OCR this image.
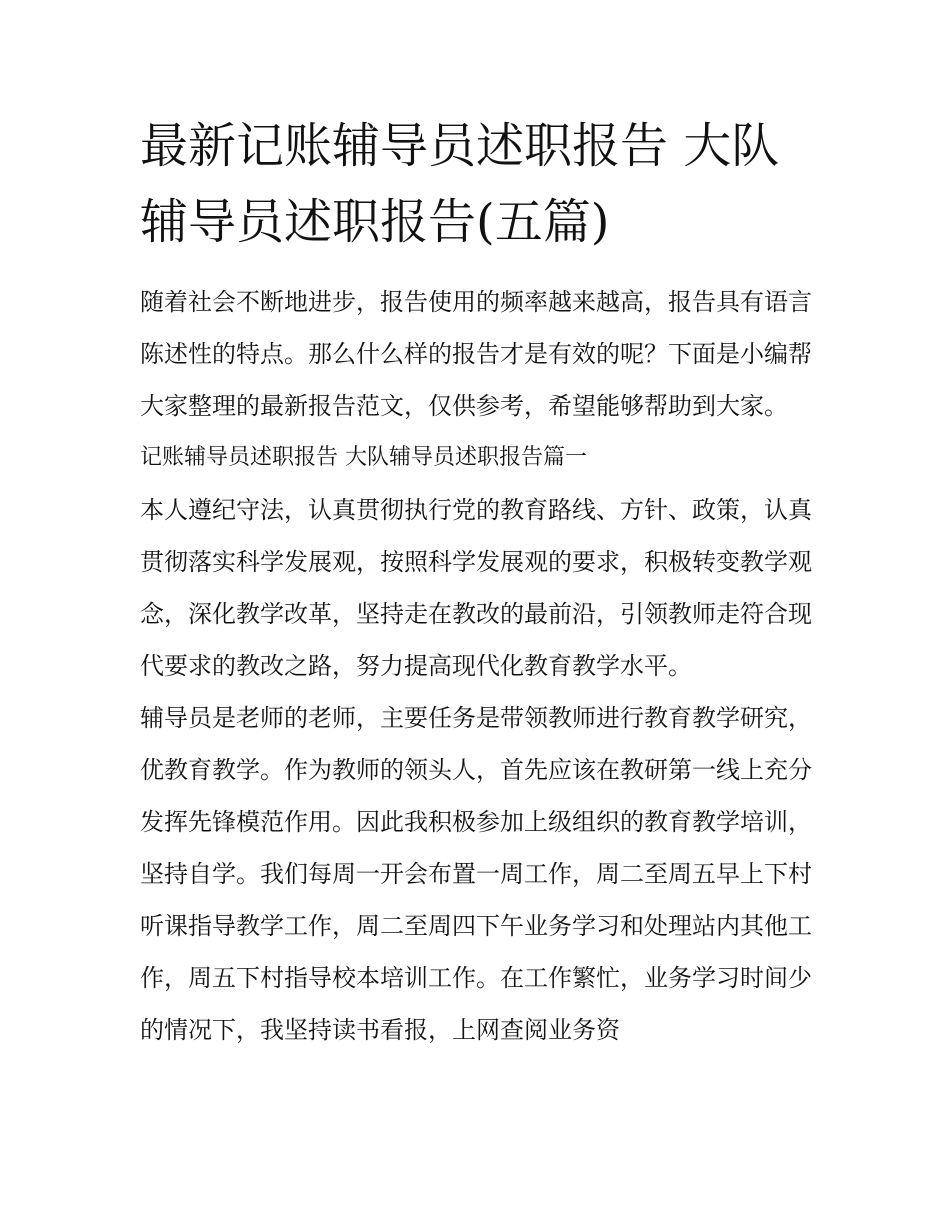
最新记账辅导员述职报告 大队辅导员述职报告(五篇)

随着社会不断地进步，报告使用的频率越来越高，报告具有语言陈述性的特点。那么什么样的报告才是有效的呢？下面是小编帮大家整理的最新报告范文，仅供参考，希望能够帮助到大家。

记账辅导员述职报告 大队辅导员述职报告篇一

本人遵纪守法，认真贯彻执行党的教育路线、方针、政策，认真贯彻落实科学发展观，按照科学发展观的要求，积极转变教学观念，深化教学改革，坚持走在教改的最前沿，引领教师走符合现代要求的教改之路，努力提高现代化教育教学水平。

辅导员是老师的老师，主要任务是带领教师进行教育教学研究，优教育教学。作为教师的领头人，首先应该在教研第一线上充分发挥先锋模范作用。因此我积极参加上级组织的教育教学培训，坚持自学。我们每周一开会布置一周工作，周二至周五早上下村听课指导教学工作，周二至周四下午业务学习和处理站内其他工作，周五下村指导校本培训工作。在工作繁忙，业务学习时间少的情况下，我坚持读书看报，上网查阅业务资
